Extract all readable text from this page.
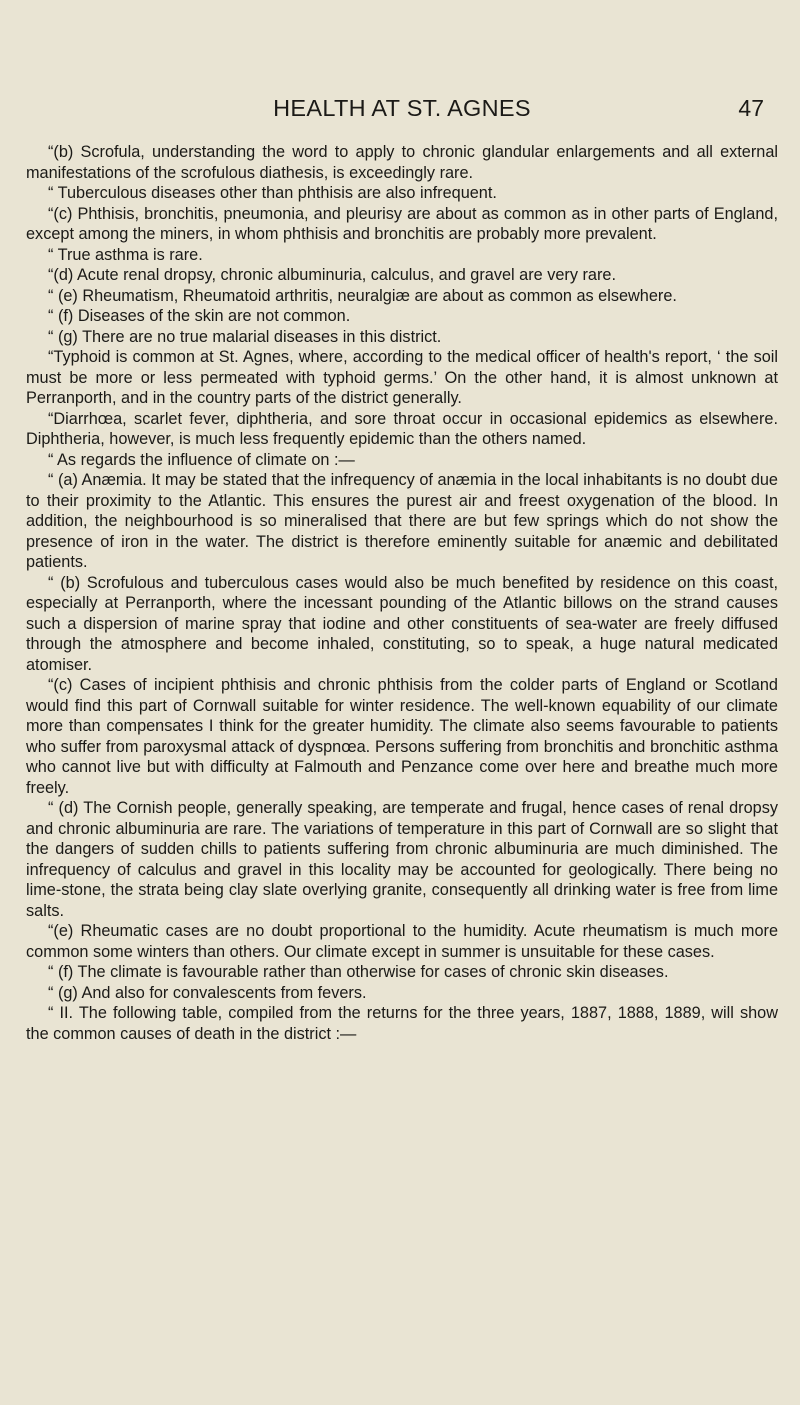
HEALTH AT ST. AGNES	47

“(b) Scrofula, understanding the word to apply to chronic glandular enlargements and all external manifestations of the scrofulous diathesis, is exceedingly rare.

“ Tuberculous diseases other than phthisis are also infrequent.

“(c) Phthisis, bronchitis, pneumonia, and pleurisy are about as common as in other parts of England, except among the miners, in whom phthisis and bronchitis are probably more prevalent.

“ True asthma is rare.

“(d) Acute renal dropsy, chronic albuminuria, calculus, and gravel are very rare.

“ (e) Rheumatism, Rheumatoid arthritis, neuralgiæ are about as common as elsewhere.

“ (f) Diseases of the skin are not common.

“ (g) There are no true malarial diseases in this district.

“Typhoid is common at St. Agnes, where, according to the medical officer of health's report, ‘ the soil must be more or less permeated with typhoid germs.’ On the other hand, it is almost unknown at Perranporth, and in the country parts of the district generally.

“Diarrhœa, scarlet fever, diphtheria, and sore throat occur in occasional epidemics as elsewhere. Diphtheria, however, is much less frequently epidemic than the others named.

“ As regards the influence of climate on :—

“ (a) Anæmia. It may be stated that the infrequency of anæmia in the local inhabitants is no doubt due to their proximity to the Atlantic. This ensures the purest air and freest oxygenation of the blood. In addition, the neighbourhood is so mineralised that there are but few springs which do not show the presence of iron in the water. The district is therefore eminently suitable for anæmic and debilitated patients.

“ (b) Scrofulous and tuberculous cases would also be much benefited by residence on this coast, especially at Perranporth, where the incessant pounding of the Atlantic billows on the strand causes such a dispersion of marine spray that iodine and other constituents of sea-water are freely diffused through the atmosphere and become inhaled, constituting, so to speak, a huge natural medicated atomiser.

“(c) Cases of incipient phthisis and chronic phthisis from the colder parts of England or Scotland would find this part of Cornwall suitable for winter residence. The well-known equability of our climate more than compensates I think for the greater humidity. The climate also seems favourable to patients who suffer from paroxysmal attack of dyspnœa. Persons suffering from bronchitis and bronchitic asthma who cannot live but with difficulty at Falmouth and Penzance come over here and breathe much more freely.

“ (d) The Cornish people, generally speaking, are temperate and frugal, hence cases of renal dropsy and chronic albuminuria are rare. The variations of temperature in this part of Cornwall are so slight that the dangers of sudden chills to patients suffering from chronic albuminuria are much diminished. The infrequency of calculus and gravel in this locality may be accounted for geologically. There being no lime-stone, the strata being clay slate overlying granite, consequently all drinking water is free from lime salts.

“(e) Rheumatic cases are no doubt proportional to the humidity. Acute rheumatism is much more common some winters than others. Our climate except in summer is unsuitable for these cases.

“ (f) The climate is favourable rather than otherwise for cases of chronic skin diseases.

“ (g) And also for convalescents from fevers.

“ II. The following table, compiled from the returns for the three years, 1887, 1888, 1889, will show the common causes of death in the district :—
